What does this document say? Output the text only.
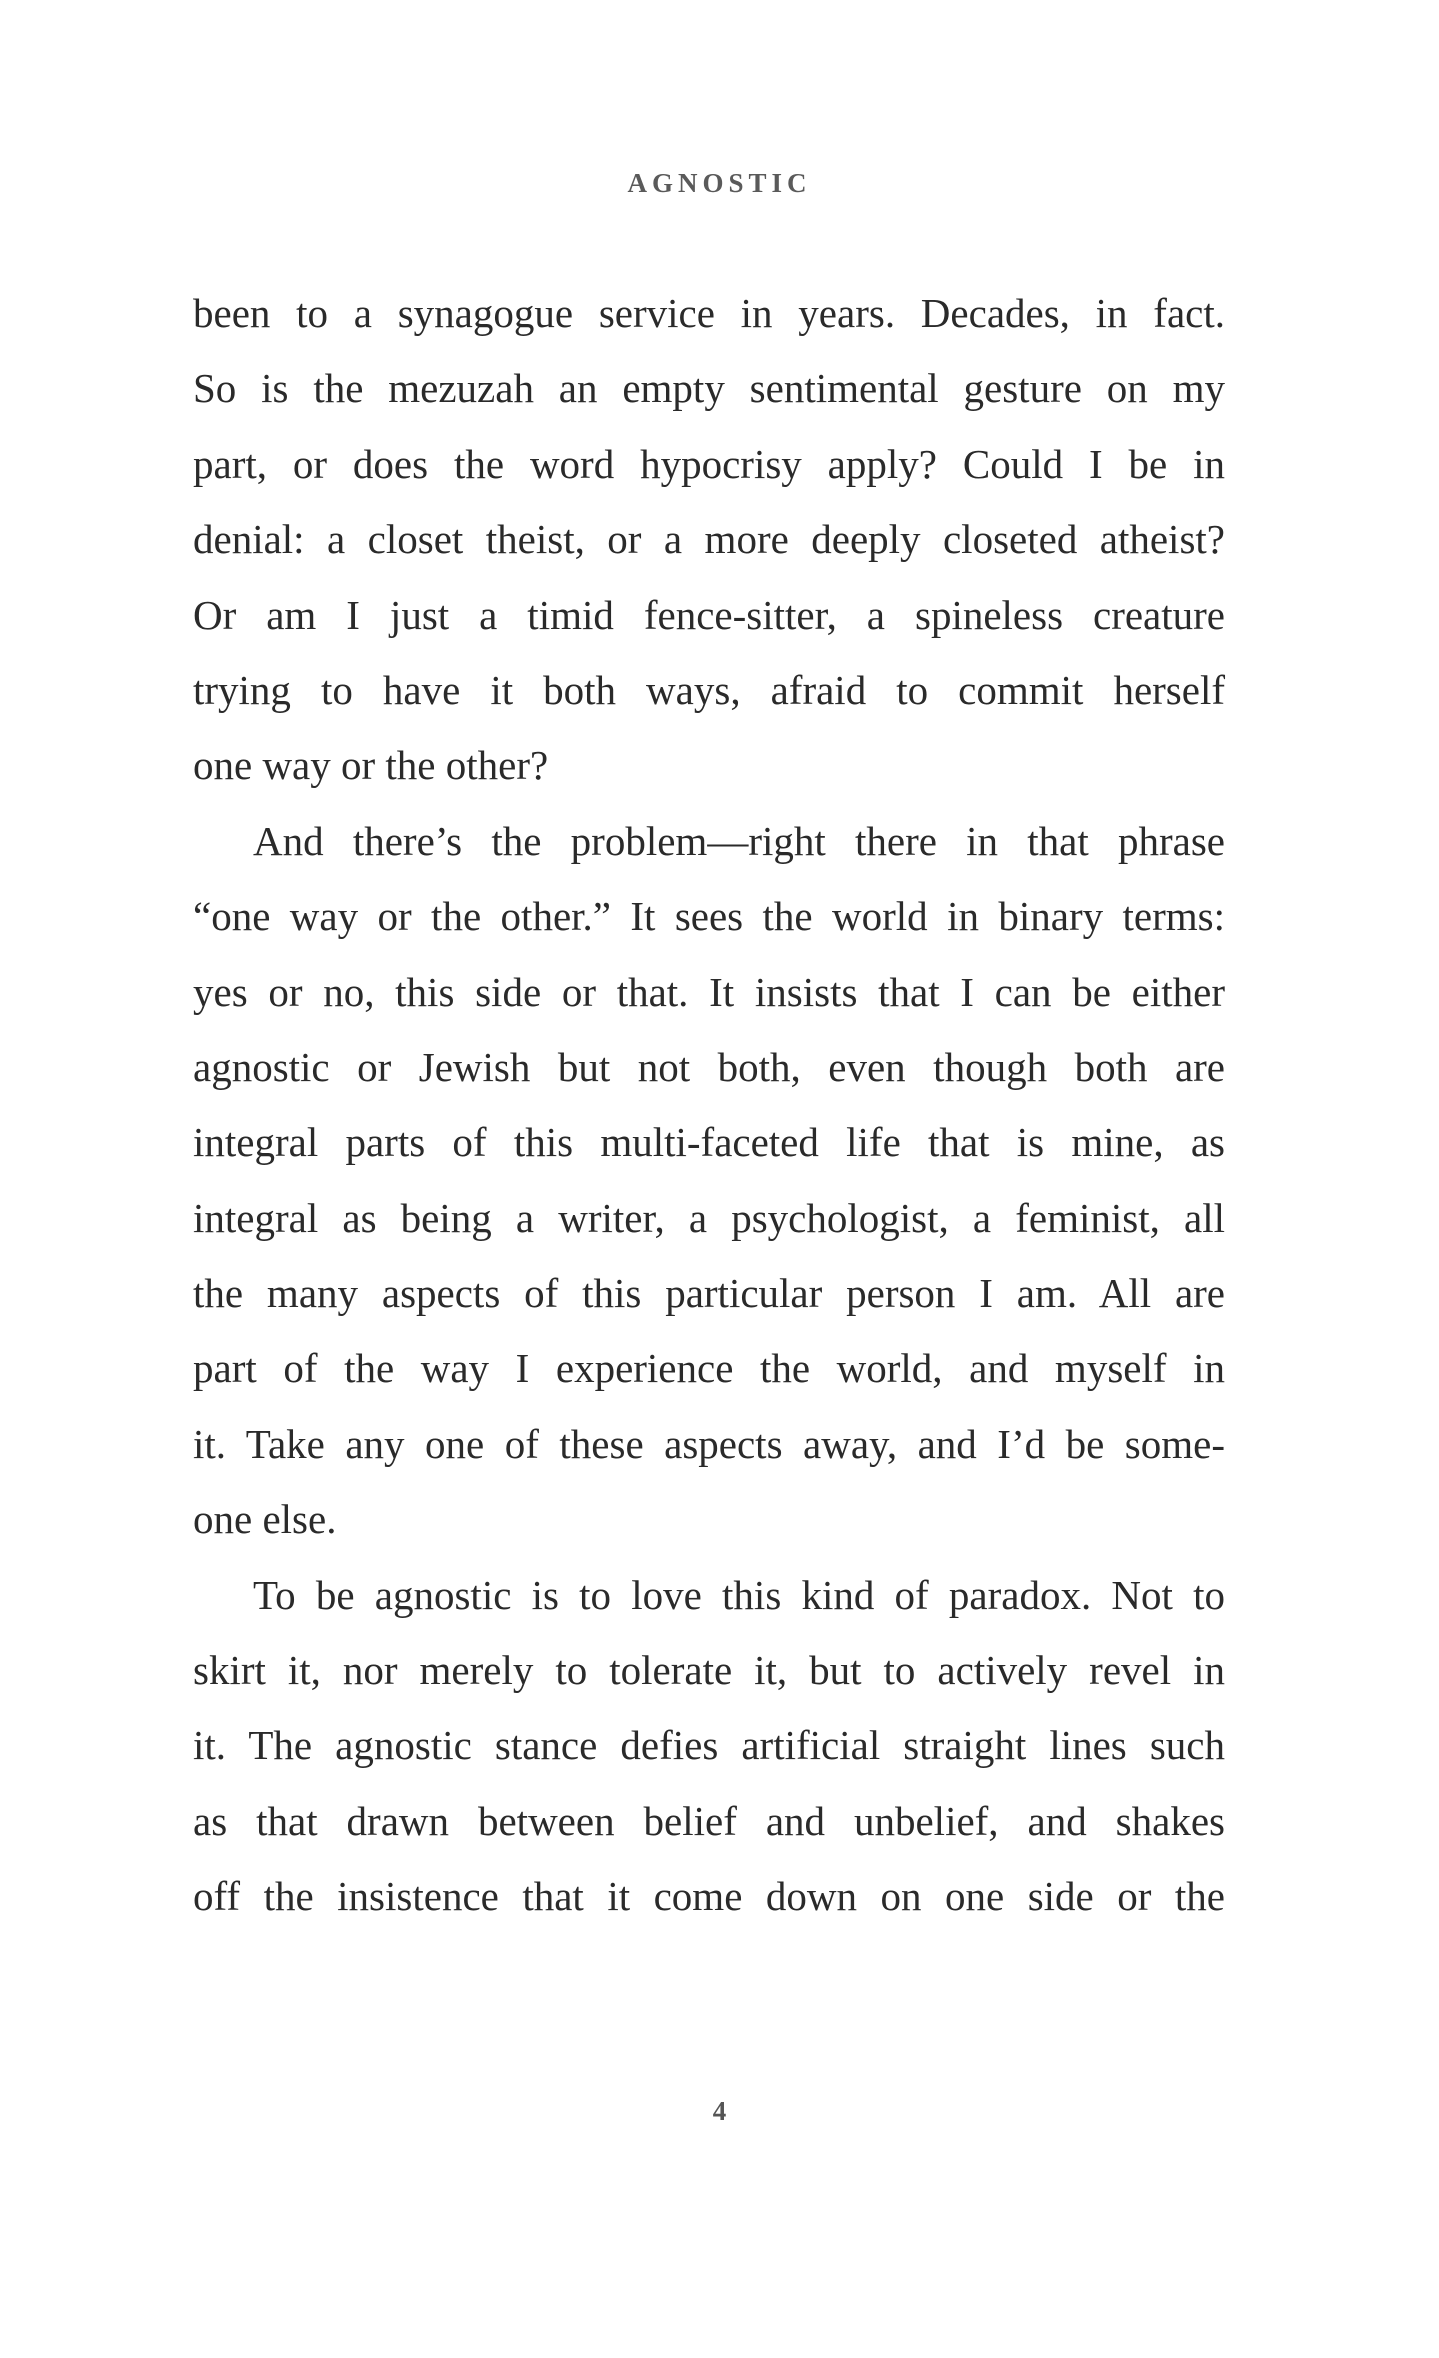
AGNOSTIC
been to a synagogue service in years. Decades, in fact.
So is the mezuzah an empty sentimental gesture on my
part, or does the word hypocrisy apply? Could I be in
denial: a closet theist, or a more deeply closeted atheist?
Or am I just a timid fence-sitter, a spineless creature
trying to have it both ways, afraid to commit herself
one way or the other?
And there’s the problem—right there in that phrase
“one way or the other.” It sees the world in binary terms:
yes or no, this side or that. It insists that I can be either
agnostic or Jewish but not both, even though both are
integral parts of this multi-faceted life that is mine, as
integral as being a writer, a psychologist, a feminist, all
the many aspects of this particular person I am. All are
part of the way I experience the world, and myself in
it. Take any one of these aspects away, and I’d be some-
one else.
To be agnostic is to love this kind of paradox. Not to
skirt it, nor merely to tolerate it, but to actively revel in
it. The agnostic stance defies artificial straight lines such
as that drawn between belief and unbelief, and shakes
off the insistence that it come down on one side or the
4
